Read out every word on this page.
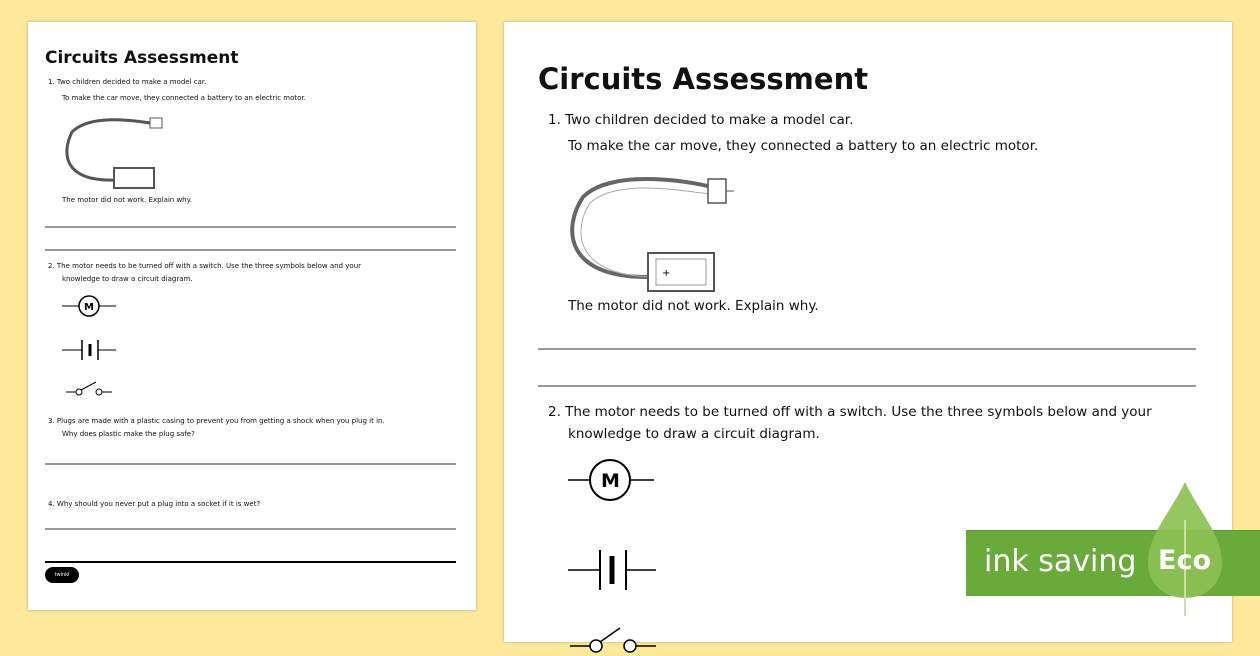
Circuits Assessment
1. Two children decided to make a model car.
To make the car move, they connected a battery to an electric motor.
The motor did not work. Explain why.
2. The motor needs to be turned off with a switch. Use the three symbols below and your
knowledge to draw a circuit diagram.
M
3. Plugs are made with a plastic casing to prevent you from getting a shock when you plug it in.
Why does plastic make the plug safe?
4. Why should you never put a plug into a socket if it is wet?
twinkl
Circuits Assessment
1. Two children decided to make a model car.
To make the car move, they connected a battery to an electric motor.
+
The motor did not work. Explain why.
2. The motor needs to be turned off with a switch. Use the three symbols below and your
knowledge to draw a circuit diagram.
M
ink saving Eco
